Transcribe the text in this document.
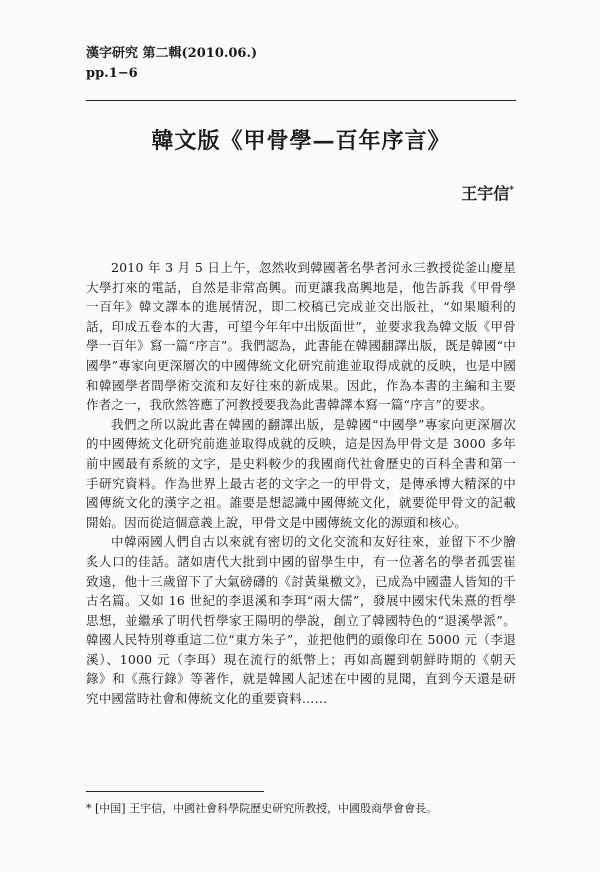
漢字研究 第二輯(2010.06.)
pp.1−6
韓文版《甲骨學—百年序言》
王宇信*

2010 年 3 月 5 日上午，忽然收到韓國著名學者河永三教授從釜山慶星大學打來的電話，自然是非常高興。而更讓我高興地是，他告訴我《甲骨學一百年》韓文譯本的進展情況，即二校稿已完成並交出版社，“如果順利的話，印成五卷本的大書，可望今年年中出版面世”，並要求我為韓文版《甲骨學一百年》寫一篇“序言”。我們認為，此書能在韓國翻譯出版，既是韓國“中國學”專家向更深層次的中國傳統文化研究前進並取得成就的反映，也是中國和韓國學者間學術交流和友好往來的新成果。因此，作為本書的主編和主要作者之一，我欣然答應了河教授要我為此書韓譯本寫一篇“序言”的要求。

我們之所以說此書在韓國的翻譯出版，是韓國“中國學”專家向更深層次的中國傳統文化研究前進並取得成就的反映，這是因為甲骨文是 3000 多年前中國最有系統的文字，是史料較少的我國商代社會歷史的百科全書和第一手研究資料。作為世界上最古老的文字之一的甲骨文，是傳承博大精深的中國傳統文化的漢字之祖。誰要是想認識中國傳統文化，就要從甲骨文的記載開始。因而從這個意義上說，甲骨文是中國傳統文化的源頭和核心。

中韓兩國人們自古以來就有密切的文化交流和友好往來，並留下不少膾炙人口的佳話。諸如唐代大批到中國的留學生中，有一位著名的學者孤雲崔致遠，他十三歲留下了大氣磅礴的《討黃巢檄文》，已成為中國盡人皆知的千古名篇。又如 16 世紀的李退溪和李珥“兩大儒”，發展中國宋代朱熹的哲學思想，並繼承了明代哲學家王陽明的學說，創立了韓國特色的“退溪學派”。韓國人民特別尊重這二位“東方朱子”，並把他們的頭像印在 5000 元（李退溪）、1000 元（李珥）現在流行的紙幣上；再如高麗到朝鮮時期的《朝天錄》和《燕行錄》等著作，就是韓國人記述在中國的見聞，直到今天還是研究中國當時社會和傳統文化的重要資料……

* [中国] 王宇信，中國社會科學院歷史研究所教授，中國殷商學會會長。
